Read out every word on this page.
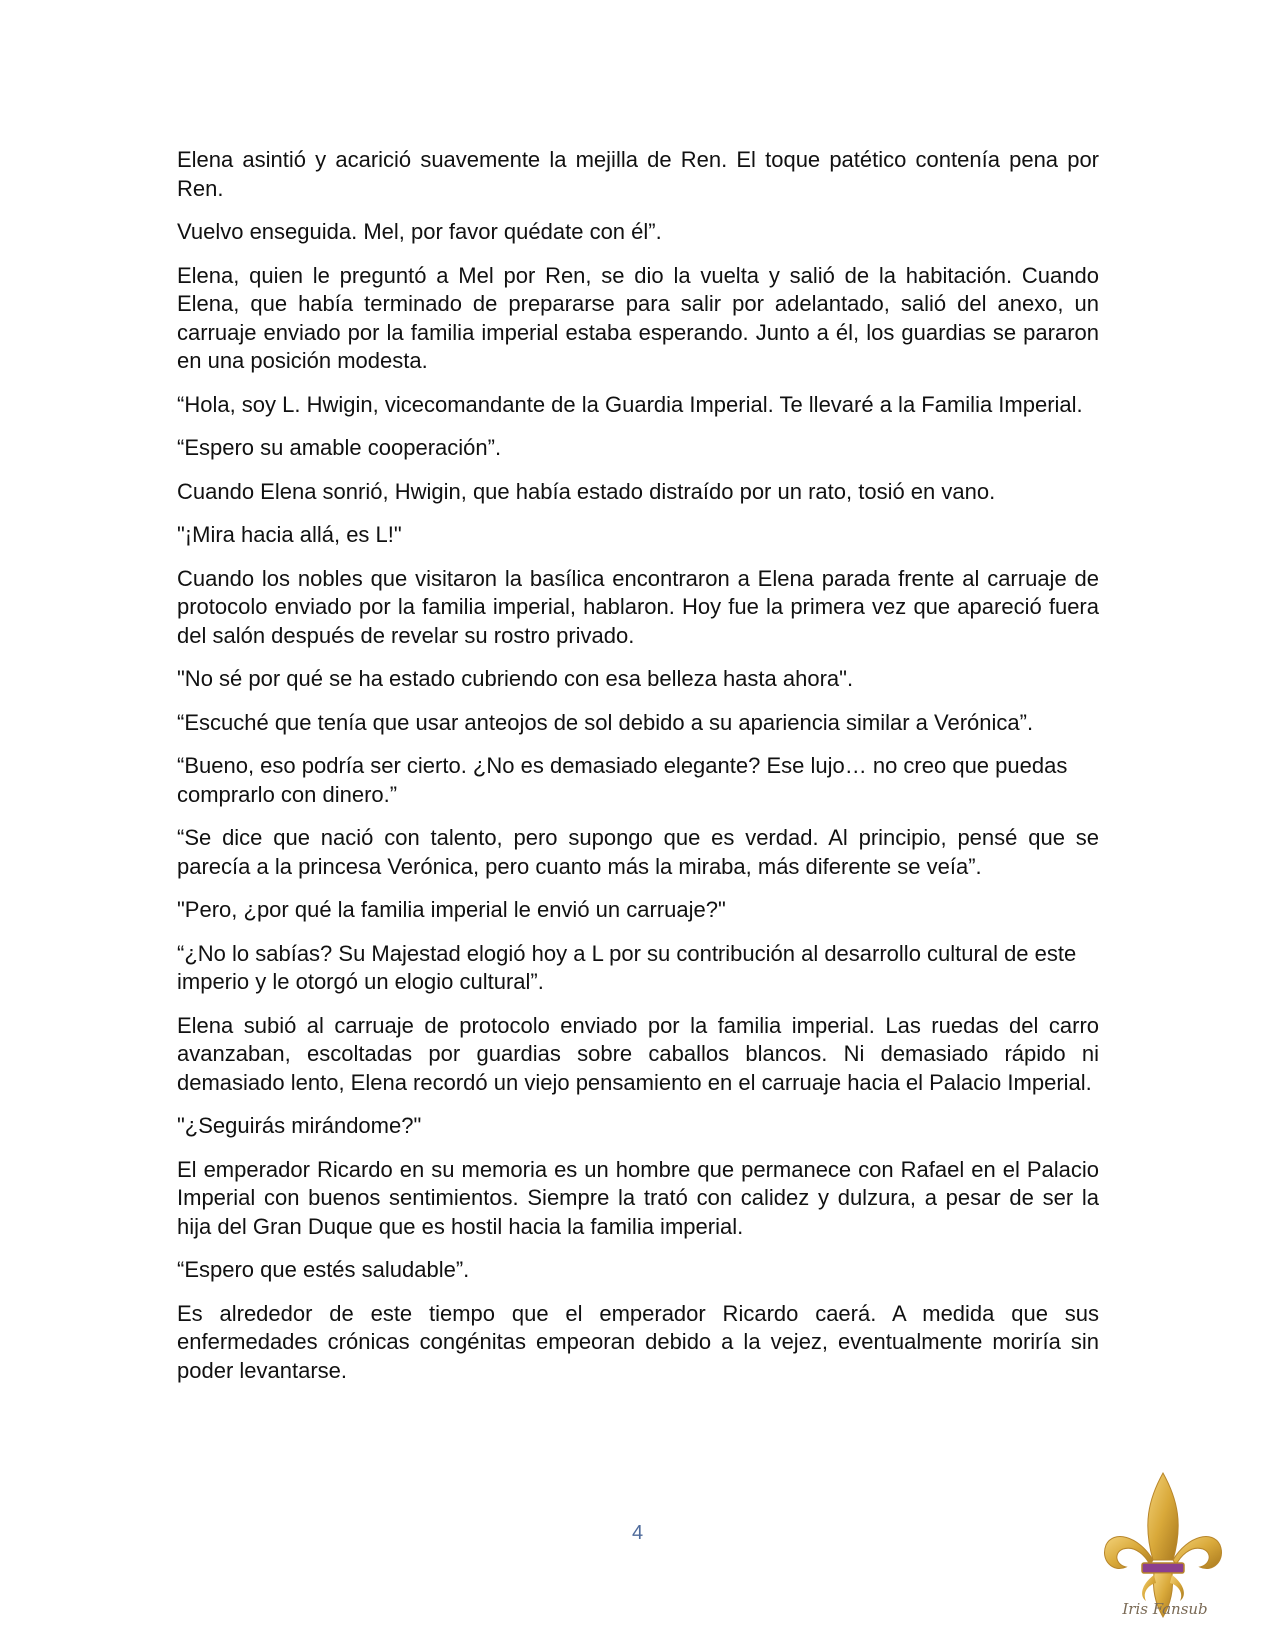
Elena asintió y acarició suavemente la mejilla de Ren. El toque patético contenía pena por Ren.

Vuelvo enseguida. Mel, por favor quédate con él”.

Elena, quien le preguntó a Mel por Ren, se dio la vuelta y salió de la habitación. Cuando Elena, que había terminado de prepararse para salir por adelantado, salió del anexo, un carruaje enviado por la familia imperial estaba esperando. Junto a él, los guardias se pararon en una posición modesta.

“Hola, soy L. Hwigin, vicecomandante de la Guardia Imperial. Te llevaré a la Familia Imperial.

“Espero su amable cooperación”.

Cuando Elena sonrió, Hwigin, que había estado distraído por un rato, tosió en vano.

"¡Mira hacia allá, es L!"

Cuando los nobles que visitaron la basílica encontraron a Elena parada frente al carruaje de protocolo enviado por la familia imperial, hablaron. Hoy fue la primera vez que apareció fuera del salón después de revelar su rostro privado.

"No sé por qué se ha estado cubriendo con esa belleza hasta ahora".

“Escuché que tenía que usar anteojos de sol debido a su apariencia similar a Verónica”.

“Bueno, eso podría ser cierto. ¿No es demasiado elegante? Ese lujo… no creo que puedas comprarlo con dinero.”

“Se dice que nació con talento, pero supongo que es verdad. Al principio, pensé que se parecía a la princesa Verónica, pero cuanto más la miraba, más diferente se veía”.

"Pero, ¿por qué la familia imperial le envió un carruaje?"

“¿No lo sabías? Su Majestad elogió hoy a L por su contribución al desarrollo cultural de este imperio y le otorgó un elogio cultural”.

Elena subió al carruaje de protocolo enviado por la familia imperial. Las ruedas del carro avanzaban, escoltadas por guardias sobre caballos blancos. Ni demasiado rápido ni demasiado lento, Elena recordó un viejo pensamiento en el carruaje hacia el Palacio Imperial.

"¿Seguirás mirándome?"

El emperador Ricardo en su memoria es un hombre que permanece con Rafael en el Palacio Imperial con buenos sentimientos. Siempre la trató con calidez y dulzura, a pesar de ser la hija del Gran Duque que es hostil hacia la familia imperial.

“Espero que estés saludable”.

Es alrededor de este tiempo que el emperador Ricardo caerá. A medida que sus enfermedades crónicas congénitas empeoran debido a la vejez, eventualmente moriría sin poder levantarse.

4
Iris Fansub
